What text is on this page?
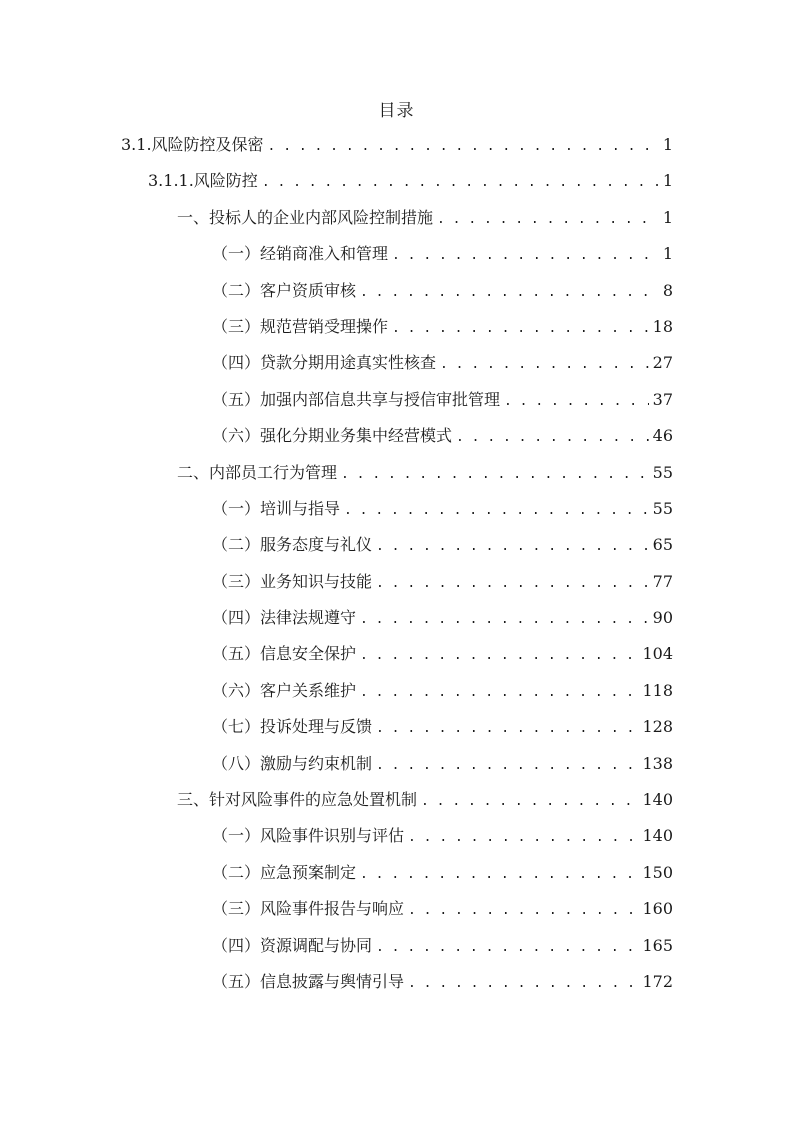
目录
3.1.风险防控及保密 . . .	1
3.1.1.风险防控 . . .	1
一、投标人的企业内部风险控制措施 . . .	1
（一）经销商准入和管理 . . .	1
（二）客户资质审核 . . .	8
（三）规范营销受理操作 . . .	18
（四）贷款分期用途真实性核查 . . .	27
（五）加强内部信息共享与授信审批管理 . . .	37
（六）强化分期业务集中经营模式 . . .	46
二、内部员工行为管理 . . .	55
（一）培训与指导 . . .	55
（二）服务态度与礼仪 . . .	65
（三）业务知识与技能 . . .	77
（四）法律法规遵守 . . .	90
（五）信息安全保护 . . .	104
（六）客户关系维护 . . .	118
（七）投诉处理与反馈 . . .	128
（八）激励与约束机制 . . .	138
三、针对风险事件的应急处置机制 . . .	140
（一）风险事件识别与评估 . . .	140
（二）应急预案制定 . . .	150
（三）风险事件报告与响应 . . .	160
（四）资源调配与协同 . . .	165
（五）信息披露与舆情引导 . . .	172
